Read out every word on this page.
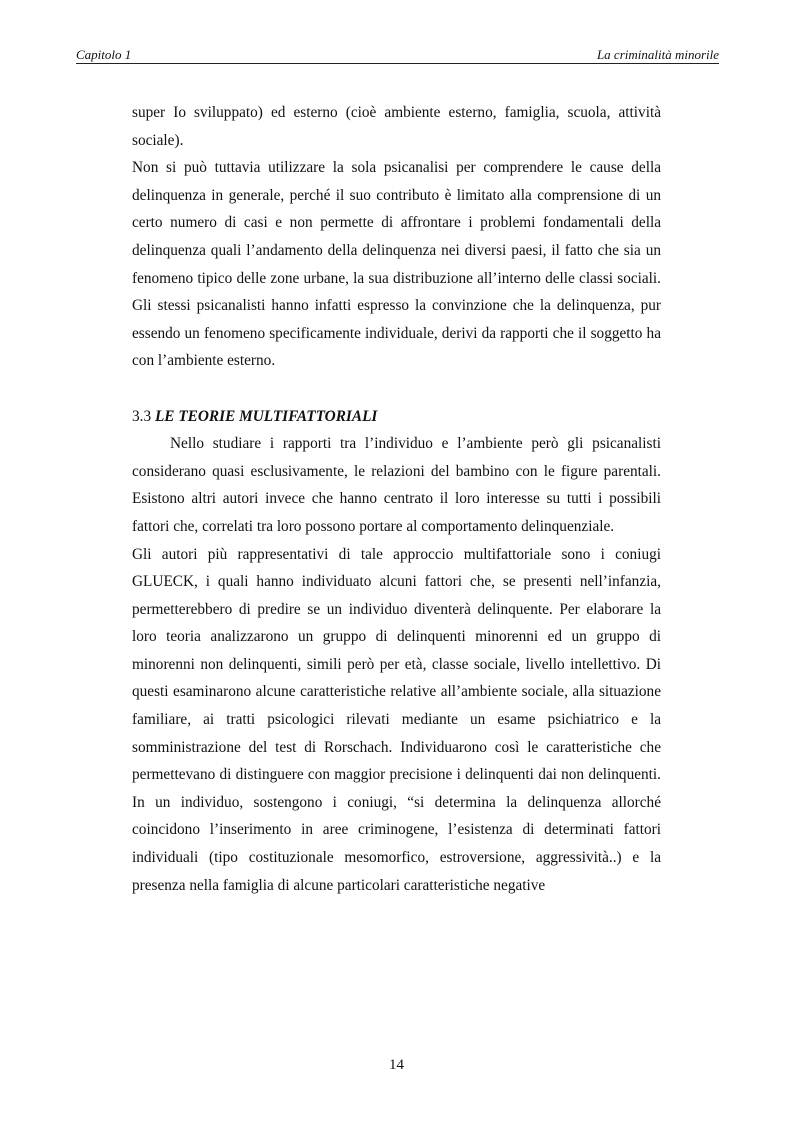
Capitolo 1	La criminalità minorile

super Io sviluppato) ed esterno (cioè ambiente esterno, famiglia, scuola, attività sociale).

Non si può tuttavia utilizzare la sola psicanalisi per comprendere le cause della delinquenza in generale, perché il suo contributo è limitato alla comprensione di un certo numero di casi e non permette di affrontare i problemi fondamentali della delinquenza quali l’andamento della delinquenza nei diversi paesi, il fatto che sia un fenomeno tipico delle zone urbane, la sua distribuzione all’interno delle classi sociali. Gli stessi psicanalisti hanno infatti espresso la convinzione che la delinquenza, pur essendo un fenomeno specificamente individuale, derivi da rapporti che il soggetto ha con l’ambiente esterno.

3.3 LE TEORIE MULTIFATTORIALI

Nello studiare i rapporti tra l’individuo e l’ambiente però gli psicanalisti considerano quasi esclusivamente, le relazioni del bambino con le figure parentali. Esistono altri autori invece che hanno centrato il loro interesse su tutti i possibili fattori che, correlati tra loro possono portare al comportamento delinquenziale.

Gli autori più rappresentativi di tale approccio multifattoriale sono i coniugi GLUECK, i quali hanno individuato alcuni fattori che, se presenti nell’infanzia, permetterebbero di predire se un individuo diventerà delinquente. Per elaborare la loro teoria analizzarono un gruppo di delinquenti minorenni ed un gruppo di minorenni non delinquenti, simili però per età, classe sociale, livello intellettivo. Di questi esaminarono alcune caratteristiche relative all’ambiente sociale, alla situazione familiare, ai tratti psicologici rilevati mediante un esame psichiatrico e la somministrazione del test di Rorschach. Individuarono così le caratteristiche che permettevano di distinguere con maggior precisione i delinquenti dai non delinquenti. In un individuo, sostengono i coniugi, “si determina la delinquenza allorché coincidono l’inserimento in aree criminogene, l’esistenza di determinati fattori individuali (tipo costituzionale mesomorfico, estroversione, aggressività..) e la presenza nella famiglia di alcune particolari caratteristiche negative

14
